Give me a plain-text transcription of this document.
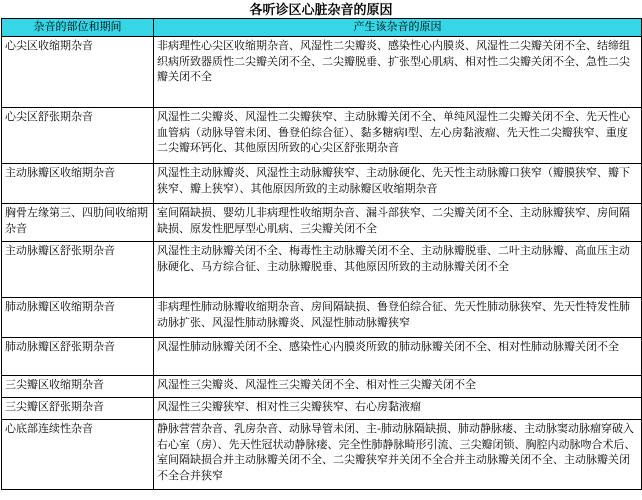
各听诊区心脏杂音的原因
杂音的部位和期间	产生该杂音的原因
心尖区收缩期杂音	非病理性心尖区收缩期杂音、风湿性二尖瓣炎、感染性心内膜炎、风湿性二尖瓣关闭不全、结缔组织病所致器质性二尖瓣关闭不全、二尖瓣脱垂、扩张型心肌病、相对性二尖瓣关闭不全、急性二尖瓣关闭不全
心尖区舒张期杂音	风湿性二尖瓣炎、风湿性二尖瓣狭窄、主动脉瓣关闭不全、单纯风湿性二尖瓣关闭不全、先天性心血管病（动脉导管未闭、鲁登伯综合征）、黏多糖病Ⅰ型、左心房黏液瘤、先天性二尖瓣狭窄、重度二尖瓣环钙化、其他原因所致的心尖区舒张期杂音
主动脉瓣区收缩期杂音	风湿性主动脉瓣炎、风湿性主动脉瓣狭窄、主动脉硬化、先天性主动脉瓣口狭窄（瓣膜狭窄、瓣下狭窄、瓣上狭窄）、其他原因所致的主动脉瓣区收缩期杂音
胸骨左缘第三、四肋间收缩期杂音	室间隔缺损、婴幼儿非病理性收缩期杂音、漏斗部狭窄、二尖瓣关闭不全、主动脉瓣狭窄、房间隔缺损、原发性肥厚型心肌病、三尖瓣关闭不全
主动脉瓣区舒张期杂音	风湿性主动脉瓣关闭不全、梅毒性主动脉瓣关闭不全、主动脉瓣脱垂、二叶主动脉瓣、高血压主动脉硬化、马方综合征、主动脉瓣脱垂、其他原因所致的主动脉瓣关闭不全
肺动脉瓣区收缩期杂音	非病理性肺动脉瓣收缩期杂音、房间隔缺损、鲁登伯综合征、先天性肺动脉狭窄、先天性特发性肺动脉扩张、风湿性肺动脉瓣炎、风湿性肺动脉瓣狭窄
肺动脉瓣区舒张期杂音	风湿性肺动脉瓣关闭不全、感染性心内膜炎所致的肺动脉瓣关闭不全、相对性肺动脉瓣关闭不全
三尖瓣区收缩期杂音	风湿性三尖瓣炎、风湿性三尖瓣关闭不全、相对性三尖瓣关闭不全
三尖瓣区舒张期杂音	风湿性三尖瓣狭窄、相对性三尖瓣狭窄、右心房黏液瘤
心底部连续性杂音	静脉营营杂音、乳房杂音、动脉导管未闭、主-肺动脉隔缺损、肺动静脉瘘、主动脉窦动脉瘤穿破入右心室（房）、先天性冠状动静脉瘘、完全性肺静脉畸形引流、三尖瓣闭锁、胸腔内动脉吻合术后、室间隔缺损合并主动脉瓣关闭不全、二尖瓣狭窄并关闭不全合并主动脉瓣关闭不全、主动脉瓣关闭不全合并狭窄
